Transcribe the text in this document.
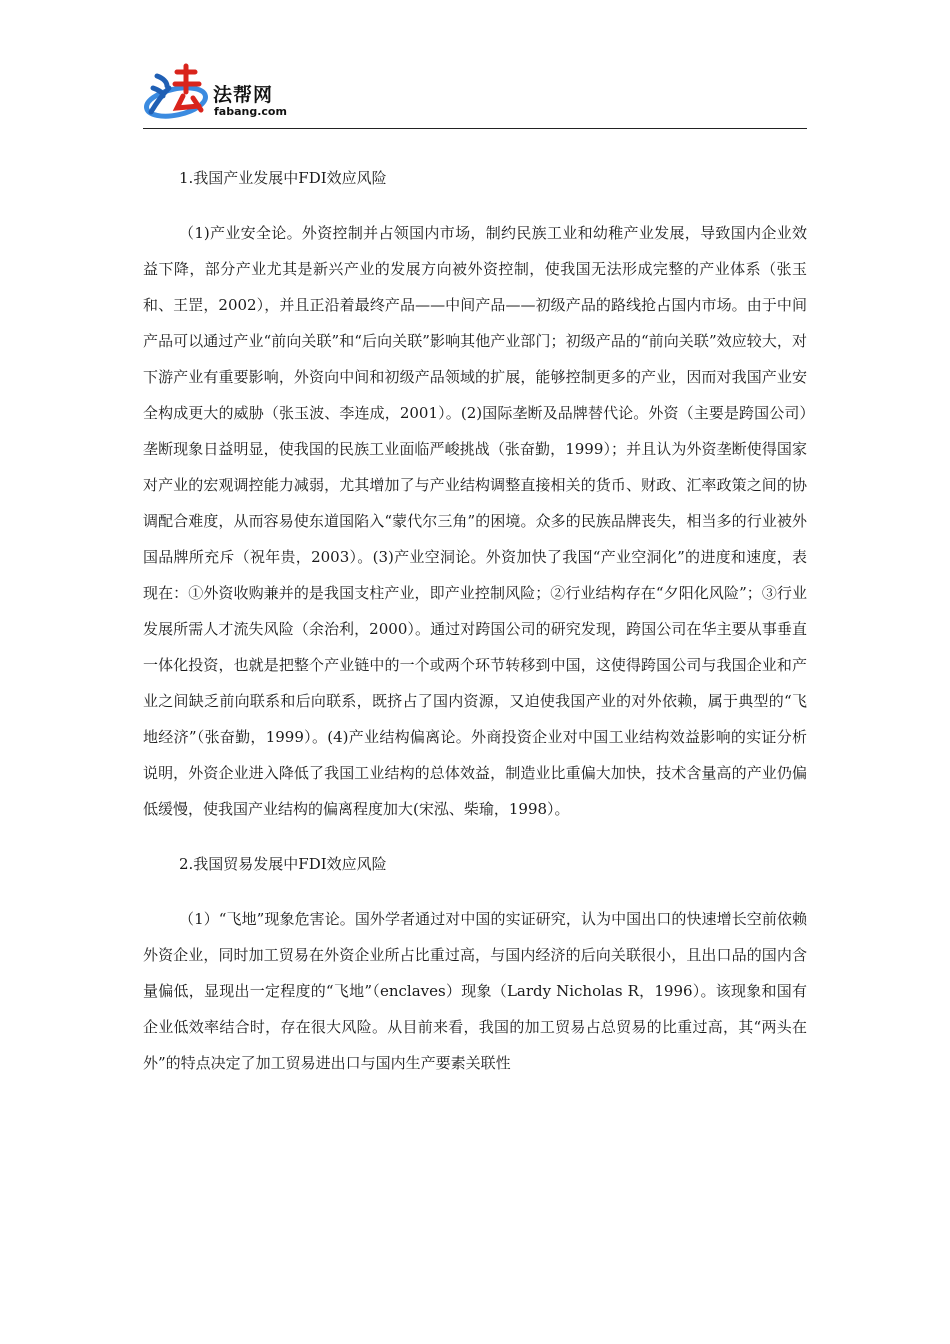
法帮网
fabang.com

1.我国产业发展中FDI效应风险

（1)产业安全论。外资控制并占领国内市场，制约民族工业和幼稚产业发展，导致国内企业效益下降，部分产业尤其是新兴产业的发展方向被外资控制，使我国无法形成完整的产业体系（张玉和、王罡，2002），并且正沿着最终产品——中间产品——初级产品的路线抢占国内市场。由于中间产品可以通过产业“前向关联”和“后向关联”影响其他产业部门；初级产品的“前向关联”效应较大，对下游产业有重要影响，外资向中间和初级产品领域的扩展，能够控制更多的产业，因而对我国产业安全构成更大的威胁（张玉波、李连成，2001）。(2)国际垄断及品牌替代论。外资（主要是跨国公司）垄断现象日益明显，使我国的民族工业面临严峻挑战（张奋勤，1999）；并且认为外资垄断使得国家对产业的宏观调控能力减弱，尤其增加了与产业结构调整直接相关的货币、财政、汇率政策之间的协调配合难度，从而容易使东道国陷入“蒙代尔三角”的困境。众多的民族品牌丧失，相当多的行业被外国品牌所充斥（祝年贵，2003）。(3)产业空洞论。外资加快了我国“产业空洞化”的进度和速度，表现在：①外资收购兼并的是我国支柱产业，即产业控制风险；②行业结构存在“夕阳化风险”；③行业发展所需人才流失风险（余治利，2000）。通过对跨国公司的研究发现，跨国公司在华主要从事垂直一体化投资，也就是把整个产业链中的一个或两个环节转移到中国，这使得跨国公司与我国企业和产业之间缺乏前向联系和后向联系，既挤占了国内资源，又迫使我国产业的对外依赖，属于典型的“飞地经济”（张奋勤，1999）。(4)产业结构偏离论。外商投资企业对中国工业结构效益影响的实证分析说明，外资企业进入降低了我国工业结构的总体效益，制造业比重偏大加快，技术含量高的产业仍偏低缓慢，使我国产业结构的偏离程度加大(宋泓、柴瑜，1998）。

2.我国贸易发展中FDI效应风险

（1）“飞地”现象危害论。国外学者通过对中国的实证研究，认为中国出口的快速增长空前依赖外资企业，同时加工贸易在外资企业所占比重过高，与国内经济的后向关联很小，且出口品的国内含量偏低，显现出一定程度的“飞地”（enclaves）现象（Lardy Nicholas R，1996）。该现象和国有企业低效率结合时，存在很大风险。从目前来看，我国的加工贸易占总贸易的比重过高，其“两头在外”的特点决定了加工贸易进出口与国内生产要素关联性
